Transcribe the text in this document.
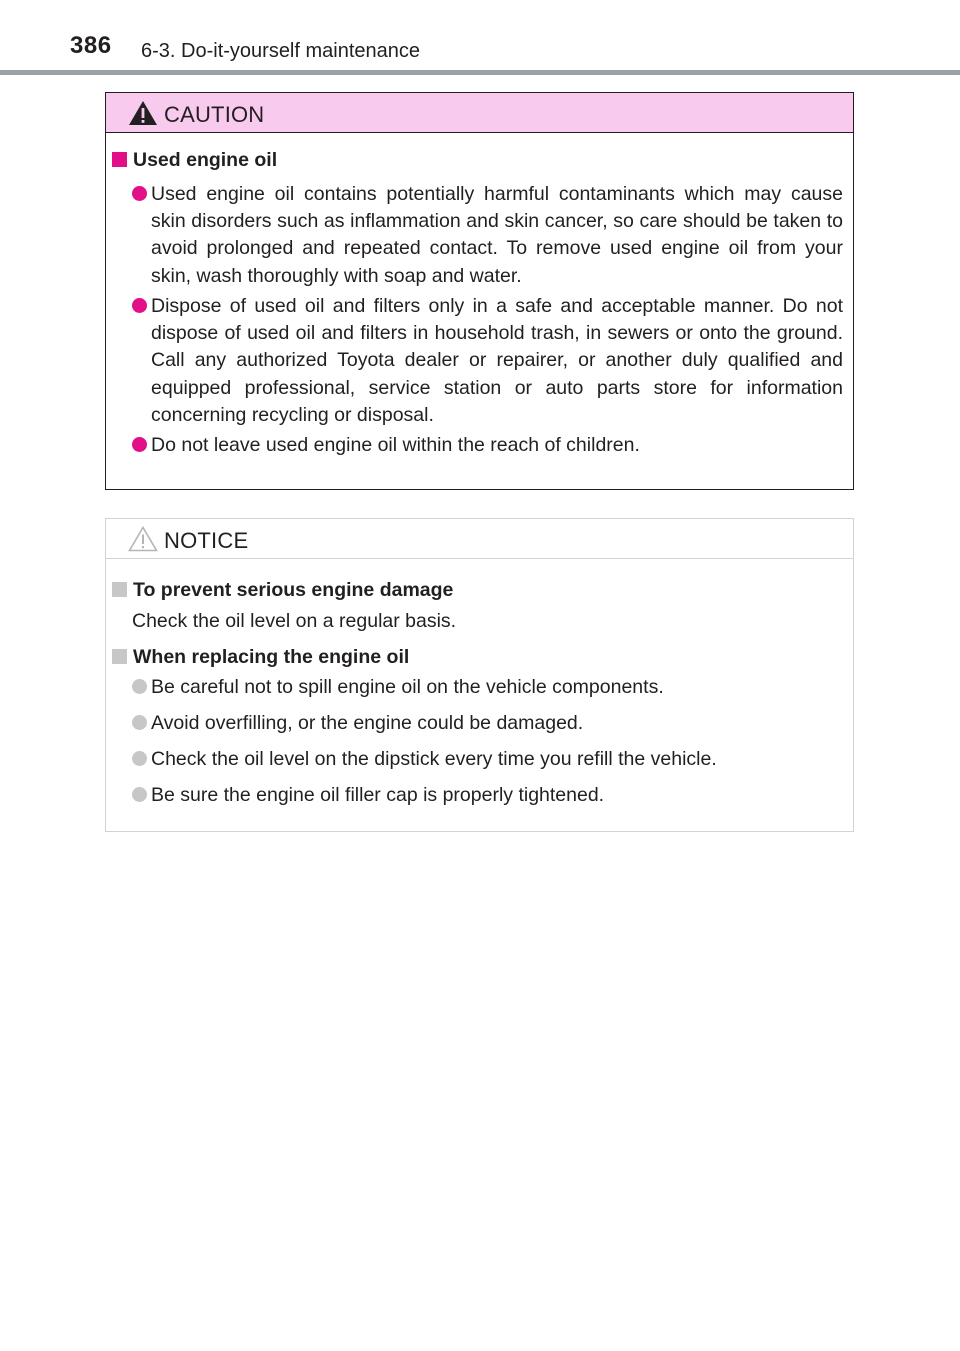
386 6-3. Do-it-yourself maintenance
CAUTION
Used engine oil
Used engine oil contains potentially harmful contaminants which may cause skin disorders such as inflammation and skin cancer, so care should be taken to avoid prolonged and repeated contact. To remove used engine oil from your skin, wash thoroughly with soap and water.
Dispose of used oil and filters only in a safe and acceptable manner. Do not dispose of used oil and filters in household trash, in sewers or onto the ground. Call any authorized Toyota dealer or repairer, or another duly qualified and equipped professional, service station or auto parts store for information concerning recycling or disposal.
Do not leave used engine oil within the reach of children.
NOTICE
To prevent serious engine damage
Check the oil level on a regular basis.
When replacing the engine oil
Be careful not to spill engine oil on the vehicle components.
Avoid overfilling, or the engine could be damaged.
Check the oil level on the dipstick every time you refill the vehicle.
Be sure the engine oil filler cap is properly tightened.
